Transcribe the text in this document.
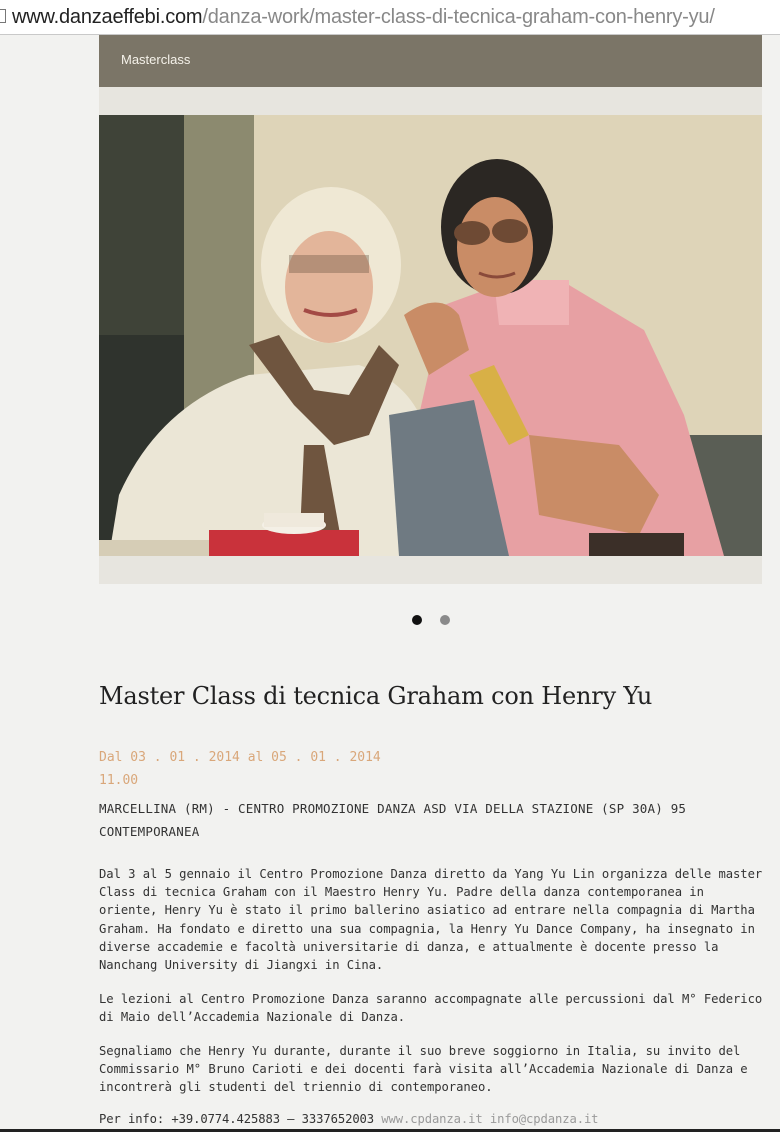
www.danzaeffebi.com/danza-work/master-class-di-tecnica-graham-con-henry-yu/
Masterclass
Master Class di tecnica Graham con Henry Yu
Dal 03 . 01 . 2014 al 05 . 01 . 2014
11.00
MARCELLINA (RM) - CENTRO PROMOZIONE DANZA ASD VIA DELLA STAZIONE (SP 30A) 95
CONTEMPORANEA

Dal 3 al 5 gennaio il Centro Promozione Danza diretto da Yang Yu Lin organizza delle master Class di tecnica Graham con il Maestro Henry Yu. Padre della danza contemporanea in oriente, Henry Yu è stato il primo ballerino asiatico ad entrare nella compagnia di Martha Graham. Ha fondato e diretto una sua compagnia, la Henry Yu Dance Company, ha insegnato in diverse accademie e facoltà universitarie di danza, e attualmente è docente presso la Nanchang University di Jiangxi in Cina.

Le lezioni al Centro Promozione Danza saranno accompagnate alle percussioni dal M° Federico di Maio dell’Accademia Nazionale di Danza.

Segnaliamo che Henry Yu durante, durante il suo breve soggiorno in Italia, su invito del Commissario M° Bruno Carioti e dei docenti farà visita all’Accademia Nazionale di Danza e incontrerà gli studenti del triennio di contemporaneo.

Per info: +39.0774.425883 – 3337652003 www.cpdanza.it info@cpdanza.it
